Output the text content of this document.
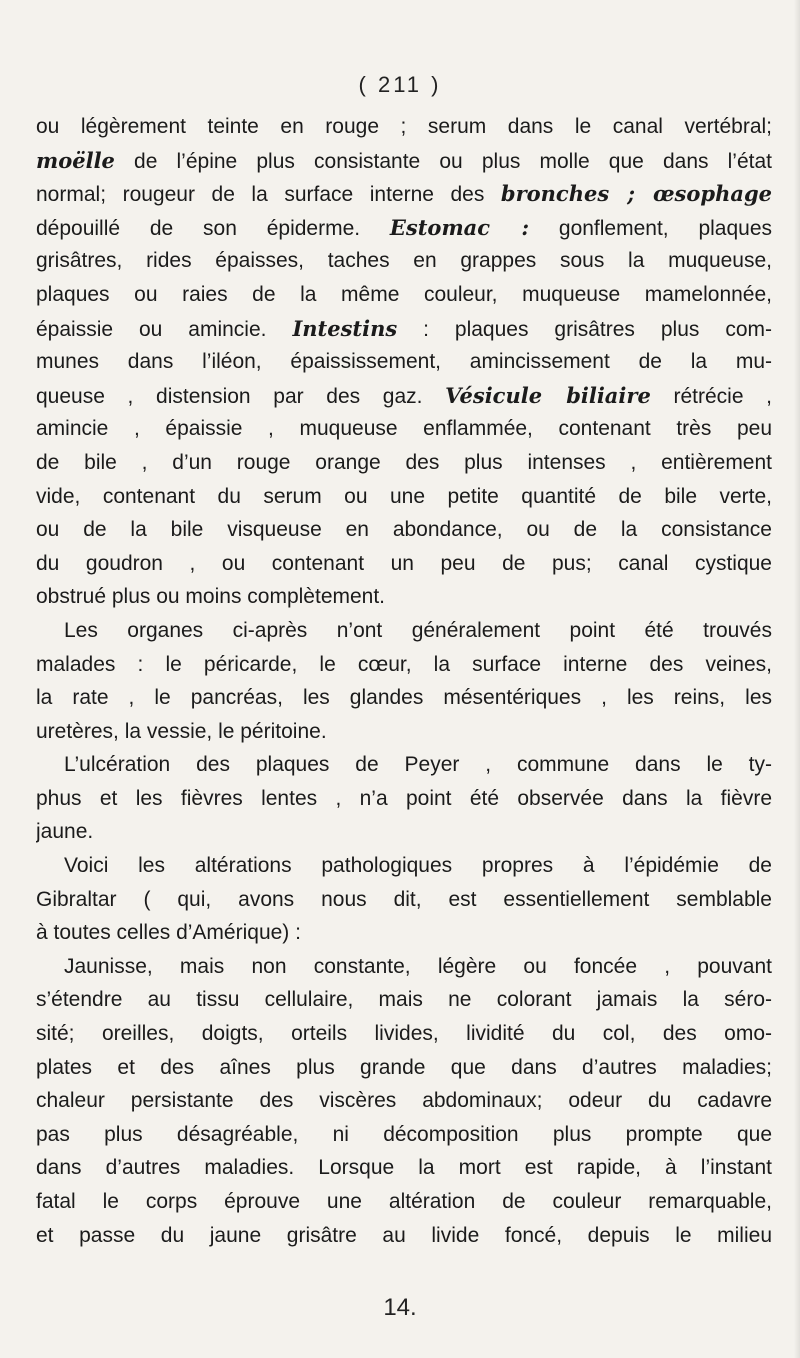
( 211 )
ou légèrement teinte en rouge ; serum dans le canal vertébral;
moëlle de l’épine plus consistante ou plus molle que dans l’état
normal; rougeur de la surface interne des bronches ; œsophage
dépouillé de son épiderme. Estomac : gonflement, plaques
grisâtres, rides épaisses, taches en grappes sous la muqueuse,
plaques ou raies de la même couleur, muqueuse mamelonnée,
épaissie ou amincie. Intestins : plaques grisâtres plus com-
munes dans l’iléon, épaississement, amincissement de la mu-
queuse , distension par des gaz. Vésicule biliaire rétrécie ,
amincie , épaissie , muqueuse enflammée, contenant très peu
de bile , d’un rouge orange des plus intenses , entièrement
vide, contenant du serum ou une petite quantité de bile verte,
ou de la bile visqueuse en abondance, ou de la consistance
du goudron , ou contenant un peu de pus; canal cystique
obstrué plus ou moins complètement.
Les organes ci-après n’ont généralement point été trouvés
malades : le péricarde, le cœur, la surface interne des veines,
la rate , le pancréas, les glandes mésentériques , les reins, les
uretères, la vessie, le péritoine.
L’ulcération des plaques de Peyer , commune dans le ty-
phus et les fièvres lentes , n’a point été observée dans la fièvre
jaune.
Voici les altérations pathologiques propres à l’épidémie de
Gibraltar ( qui, avons nous dit, est essentiellement semblable
à toutes celles d’Amérique) :
Jaunisse, mais non constante, légère ou foncée , pouvant
s’étendre au tissu cellulaire, mais ne colorant jamais la séro-
sité; oreilles, doigts, orteils livides, lividité du col, des omo-
plates et des aînes plus grande que dans d’autres maladies;
chaleur persistante des viscères abdominaux; odeur du cadavre
pas plus désagréable, ni décomposition plus prompte que
dans d’autres maladies. Lorsque la mort est rapide, à l’instant
fatal le corps éprouve une altération de couleur remarquable,
et passe du jaune grisâtre au livide foncé, depuis le milieu
14.
